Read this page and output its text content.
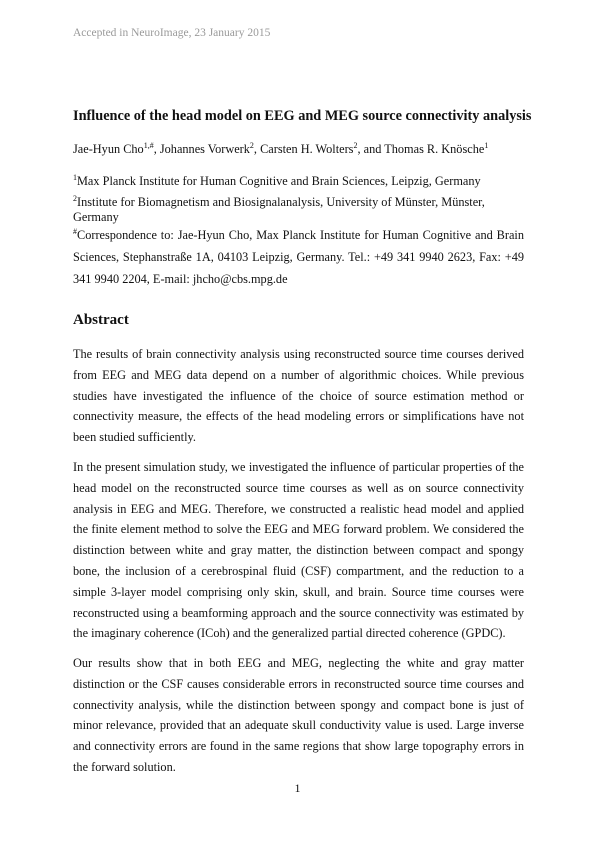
Accepted in NeuroImage, 23 January 2015
Influence of the head model on EEG and MEG source connectivity analysis
Jae-Hyun Cho$^{1,\#}$, Johannes Vorwerk$^2$, Carsten H. Wolters$^2$, and Thomas R. Knösche$^1$
$^1$Max Planck Institute for Human Cognitive and Brain Sciences, Leipzig, Germany
$^2$Institute for Biomagnetism and Biosignalanalysis, University of Münster, Münster, Germany
#Correspondence to: Jae-Hyun Cho, Max Planck Institute for Human Cognitive and Brain Sciences, Stephanstraße 1A, 04103 Leipzig, Germany. Tel.: +49 341 9940 2623, Fax: +49 341 9940 2204, E-mail: jhcho@cbs.mpg.de
Abstract
The results of brain connectivity analysis using reconstructed source time courses derived from EEG and MEG data depend on a number of algorithmic choices. While previous studies have investigated the influence of the choice of source estimation method or connectivity measure, the effects of the head modeling errors or simplifications have not been studied sufficiently.
In the present simulation study, we investigated the influence of particular properties of the head model on the reconstructed source time courses as well as on source connectivity analysis in EEG and MEG. Therefore, we constructed a realistic head model and applied the finite element method to solve the EEG and MEG forward problem. We considered the distinction between white and gray matter, the distinction between compact and spongy bone, the inclusion of a cerebrospinal fluid (CSF) compartment, and the reduction to a simple 3-layer model comprising only skin, skull, and brain. Source time courses were reconstructed using a beamforming approach and the source connectivity was estimated by the imaginary coherence (ICoh) and the generalized partial directed coherence (GPDC).
Our results show that in both EEG and MEG, neglecting the white and gray matter distinction or the CSF causes considerable errors in reconstructed source time courses and connectivity analysis, while the distinction between spongy and compact bone is just of minor relevance, provided that an adequate skull conductivity value is used. Large inverse and connectivity errors are found in the same regions that show large topography errors in the forward solution.
1
